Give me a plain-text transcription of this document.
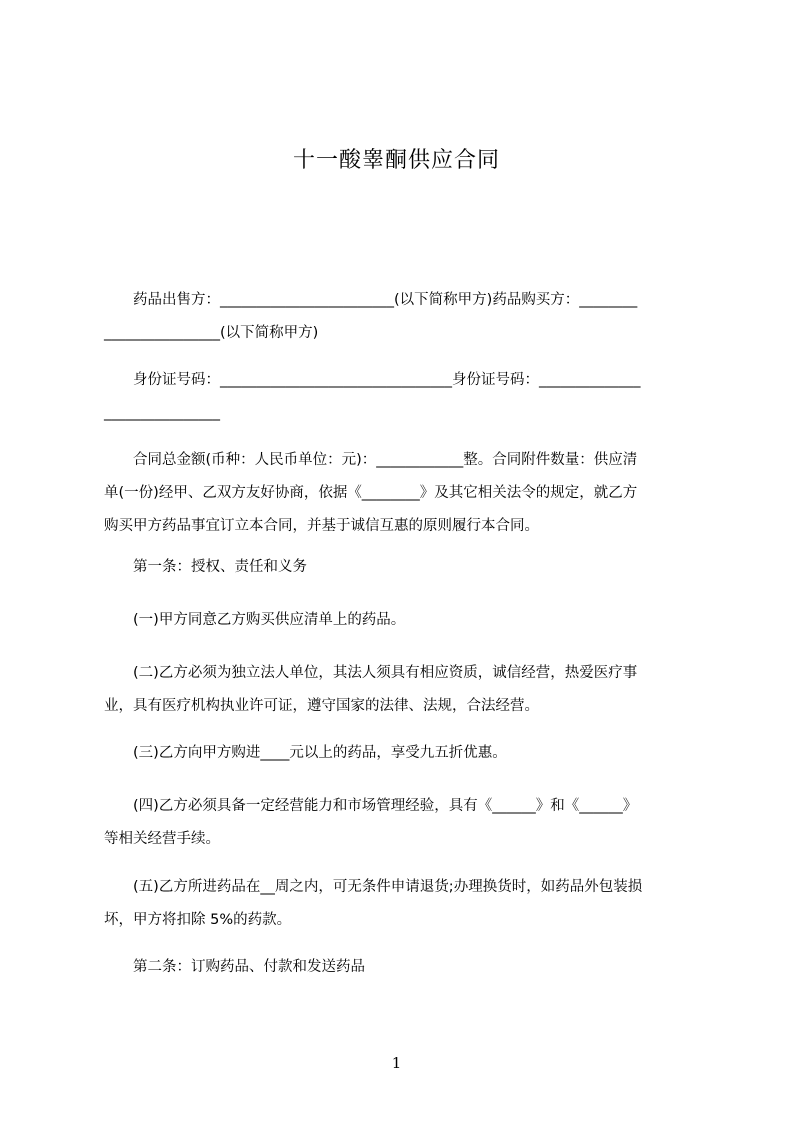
十一酸睾酮供应合同
　　药品出售方：________________________(以下简称甲方)药品购买方：________
________________(以下简称甲方)
　　身份证号码：________________________________身份证号码：______________
________________
　　合同总金额(币种：人民币单位：元)：____________整。合同附件数量：供应清
单(一份)经甲、乙双方友好协商，依据《________》及其它相关法令的规定，就乙方
购买甲方药品事宜订立本合同，并基于诚信互惠的原则履行本合同。
　　第一条：授权、责任和义务
　　(一)甲方同意乙方购买供应清单上的药品。
　　(二)乙方必须为独立法人单位，其法人须具有相应资质，诚信经营，热爱医疗事
业，具有医疗机构执业许可证，遵守国家的法律、法规，合法经营。
　　(三)乙方向甲方购进____元以上的药品，享受九五折优惠。
　　(四)乙方必须具备一定经营能力和市场管理经验，具有《______》和《______》
等相关经营手续。
　　(五)乙方所进药品在__周之内，可无条件申请退货;办理换货时，如药品外包装损
坏，甲方将扣除 5%的药款。
　　第二条：订购药品、付款和发送药品
1
